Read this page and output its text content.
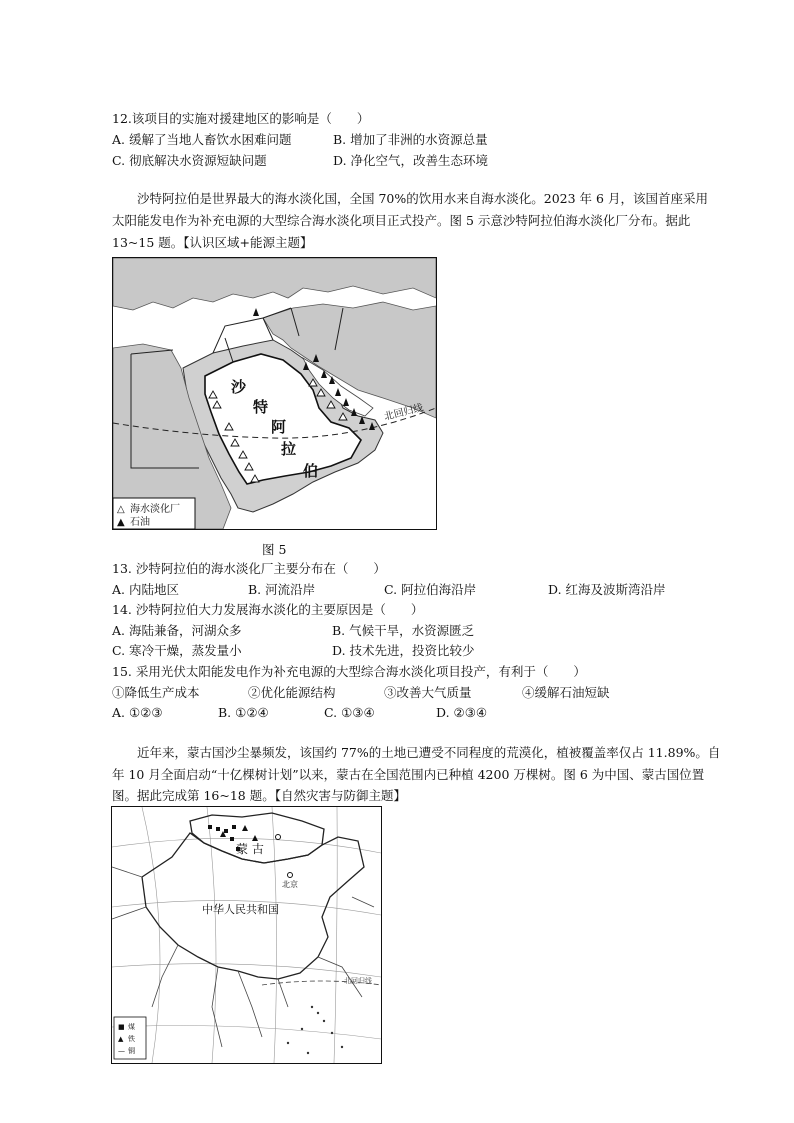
12.该项目的实施对援建地区的影响是（　　）
A. 缓解了当地人畜饮水困难问题	B. 增加了非洲的水资源总量
C. 彻底解决水资源短缺问题	D. 净化空气，改善生态环境
沙特阿拉伯是世界最大的海水淡化国，全国 70%的饮用水来自海水淡化。2023 年 6 月，该国首座采用
太阳能发电作为补充电源的大型综合海水淡化项目正式投产。图 5 示意沙特阿拉伯海水淡化厂分布。据此
13~15 题。【认识区域+能源主题】
北回归线
沙
特
阿
拉
伯
△ 海水淡化厂
▲ 石油
图 5
13. 沙特阿拉伯的海水淡化厂主要分布在（　　）
A. 内陆地区	B. 河流沿岸	C. 阿拉伯海沿岸	D. 红海及波斯湾沿岸
14. 沙特阿拉伯大力发展海水淡化的主要原因是（　　）
A. 海陆兼备，河湖众多	B. 气候干旱，水资源匮乏
C. 寒冷干燥，蒸发量小	D. 技术先进，投资比较少
15. 采用光伏太阳能发电作为补充电源的大型综合海水淡化项目投产，有利于（　　）
①降低生产成本	②优化能源结构	③改善大气质量	④缓解石油短缺
A. ①②③	B. ①②④	C. ①③④	D. ②③④
近年来，蒙古国沙尘暴频发，该国约 77%的土地已遭受不同程度的荒漠化，植被覆盖率仅占 11.89%。自
年 10 月全面启动“十亿棵树计划”以来，蒙古在全国范围内已种植 4200 万棵树。图 6 为中国、蒙古国位置
图。据此完成第 16~18 题。【自然灾害与防御主题】
北回归线
蒙 古
北京
中华人民共和国
■ 煤
▲ 铁
— 铜
